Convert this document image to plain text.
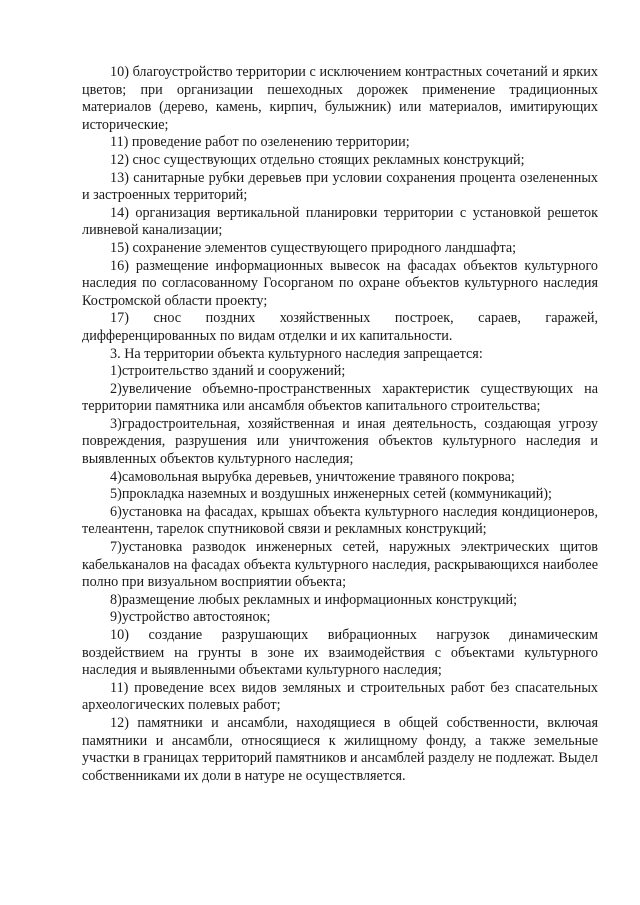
10) благоустройство территории с исключением контрастных сочетаний и ярких цветов; при организации пешеходных дорожек применение традиционных материалов (дерево, камень, кирпич, булыжник) или материалов, имитирующих исторические;

11) проведение работ по озеленению территории;

12) снос существующих отдельно стоящих рекламных конструкций;

13) санитарные рубки деревьев при условии сохранения процента озелененных и застроенных территорий;

14) организация вертикальной планировки территории с установкой решеток ливневой канализации;

15) сохранение элементов существующего природного ландшафта;

16) размещение информационных вывесок на фасадах объектов культурного наследия по согласованному Госорганом по охране объектов культурного наследия Костромской области проекту;

17) снос поздних хозяйственных построек, сараев, гаражей, дифференцированных по видам отделки и их капитальности.

3. На территории объекта культурного наследия запрещается:

1)строительство зданий и сооружений;

2)увеличение объемно-пространственных характеристик существующих на территории памятника или ансамбля объектов капитального строительства;

3)градостроительная, хозяйственная и иная деятельность, создающая угрозу повреждения, разрушения или уничтожения объектов культурного наследия и выявленных объектов культурного наследия;

4)самовольная вырубка деревьев, уничтожение травяного покрова;

5)прокладка наземных и воздушных инженерных сетей (коммуникаций);

6)установка на фасадах, крышах объекта культурного наследия кондиционеров, телеантенн, тарелок спутниковой связи и рекламных конструкций;

7)установка разводок инженерных сетей, наружных электрических щитов кабельканалов на фасадах объекта культурного наследия, раскрывающихся наиболее полно при визуальном восприятии объекта;

8)размещение любых рекламных и информационных конструкций;

9)устройство автостоянок;

10) создание разрушающих вибрационных нагрузок динамическим воздействием на грунты в зоне их взаимодействия с объектами культурного наследия и выявленными объектами культурного наследия;

11) проведение всех видов земляных и строительных работ без спасательных археологических полевых работ;

12) памятники и ансамбли, находящиеся в общей собственности, включая памятники и ансамбли, относящиеся к жилищному фонду, а также земельные участки в границах территорий памятников и ансамблей разделу не подлежат. Выдел собственниками их доли в натуре не осуществляется.
